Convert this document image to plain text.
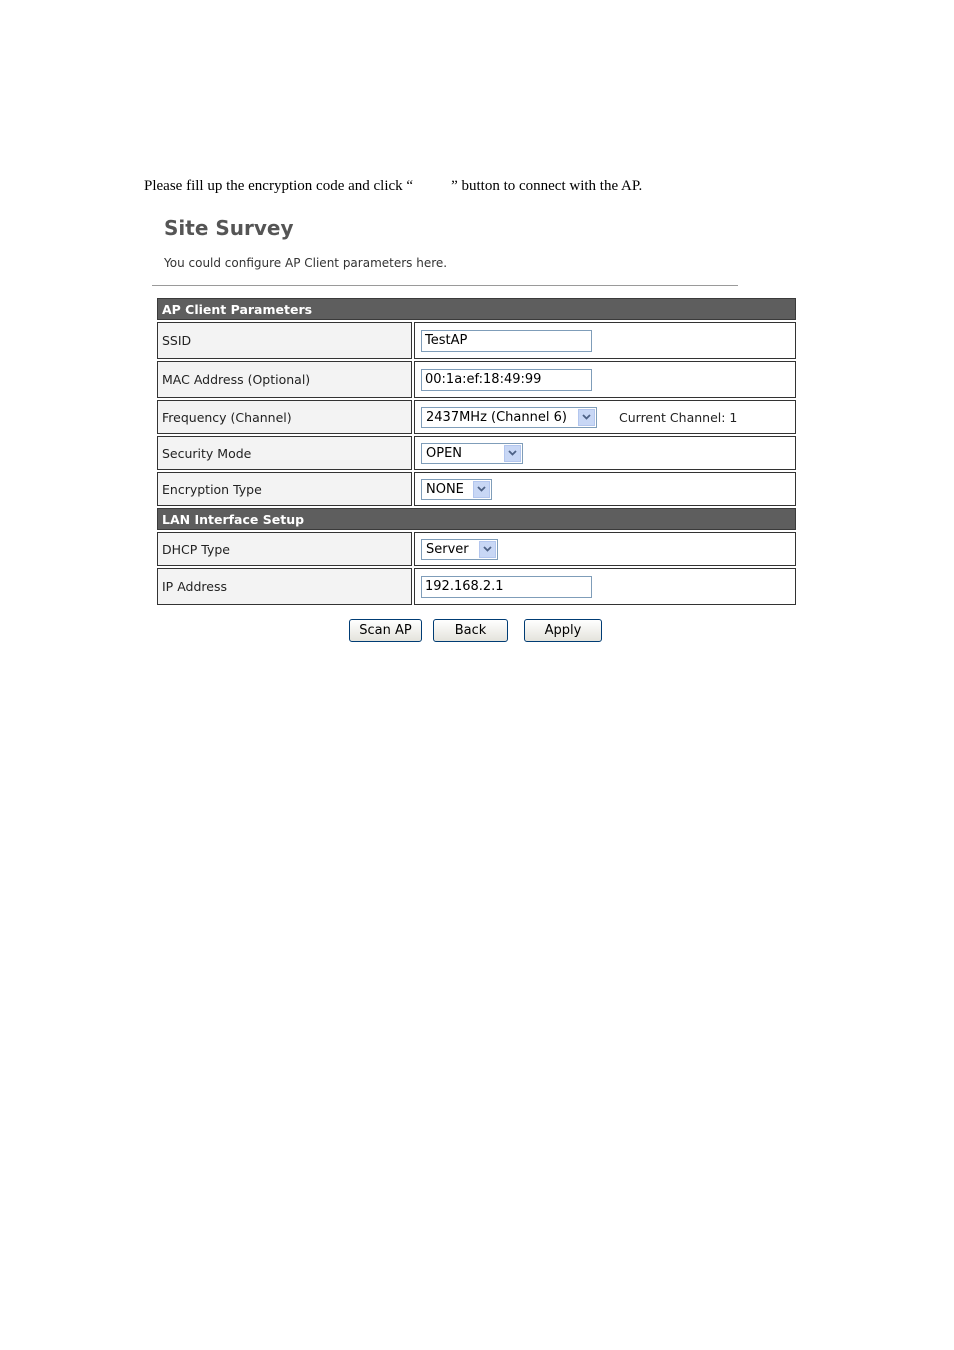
Please fill up the encryption code and click “	” button to connect with the AP.
Site Survey
You could configure AP Client parameters here.
AP Client Parameters
SSID	TestAP
MAC Address (Optional)	00:1a:ef:18:49:99
Frequency (Channel)	2437MHz (Channel 6)	Current Channel: 1
Security Mode	OPEN
Encryption Type	NONE
LAN Interface Setup
DHCP Type	Server
IP Address	192.168.2.1
Scan AP	Back	Apply
